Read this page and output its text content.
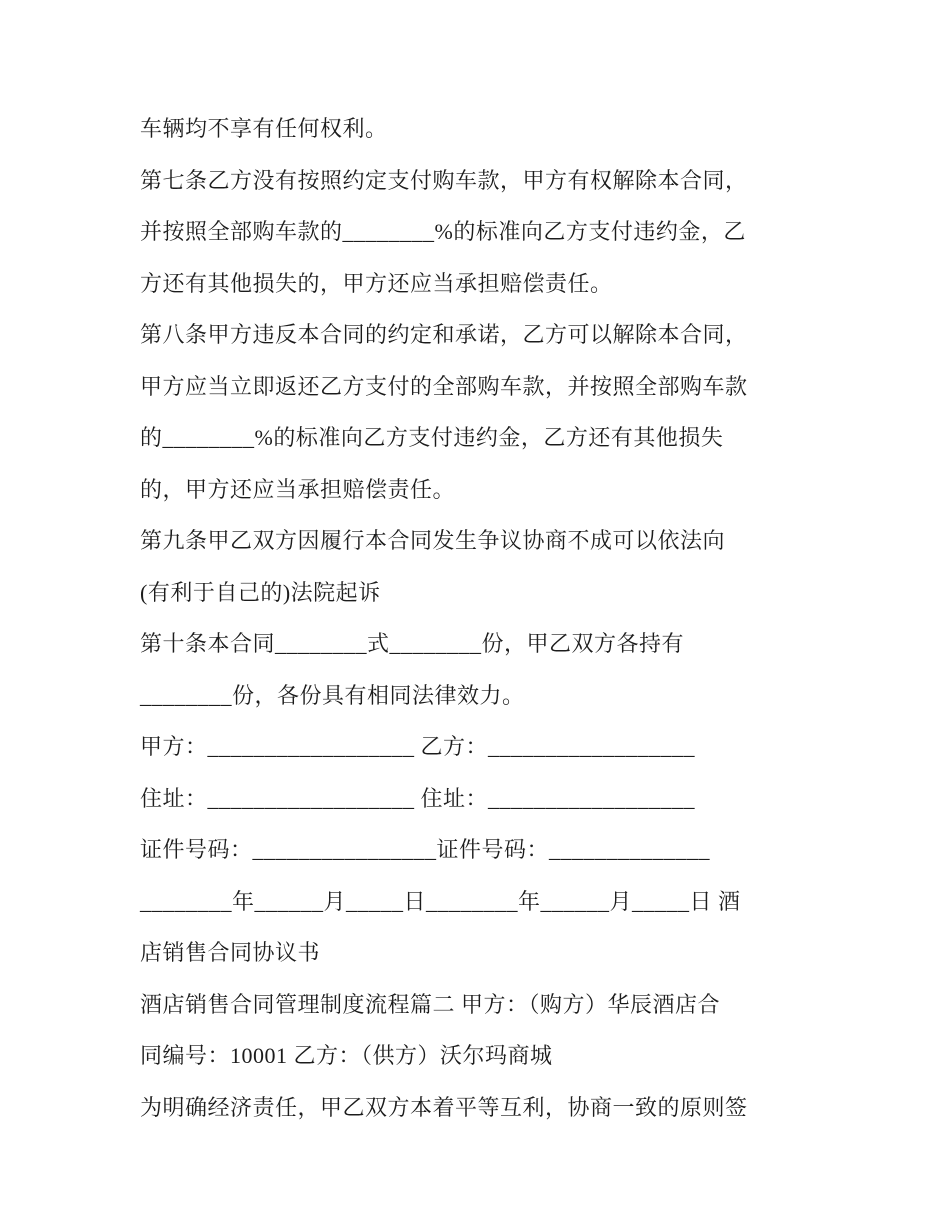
车辆均不享有任何权利。
第七条乙方没有按照约定支付购车款，甲方有权解除本合同，
并按照全部购车款的________%的标准向乙方支付违约金，乙
方还有其他损失的，甲方还应当承担赔偿责任。
第八条甲方违反本合同的约定和承诺，乙方可以解除本合同，
甲方应当立即返还乙方支付的全部购车款，并按照全部购车款
的________%的标准向乙方支付违约金，乙方还有其他损失
的，甲方还应当承担赔偿责任。
第九条甲乙双方因履行本合同发生争议协商不成可以依法向
(有利于自己的)法院起诉
第十条本合同________式________份，甲乙双方各持有
________份，各份具有相同法律效力。
甲方：__________________ 乙方：__________________
住址：__________________ 住址：__________________
证件号码：________________证件号码：______________
________年______月_____日________年______月_____日 酒
店销售合同协议书
酒店销售合同管理制度流程篇二 甲方：（购方）华辰酒店合
同编号：10001 乙方：（供方）沃尔玛商城
为明确经济责任，甲乙双方本着平等互利，协商一致的原则签
